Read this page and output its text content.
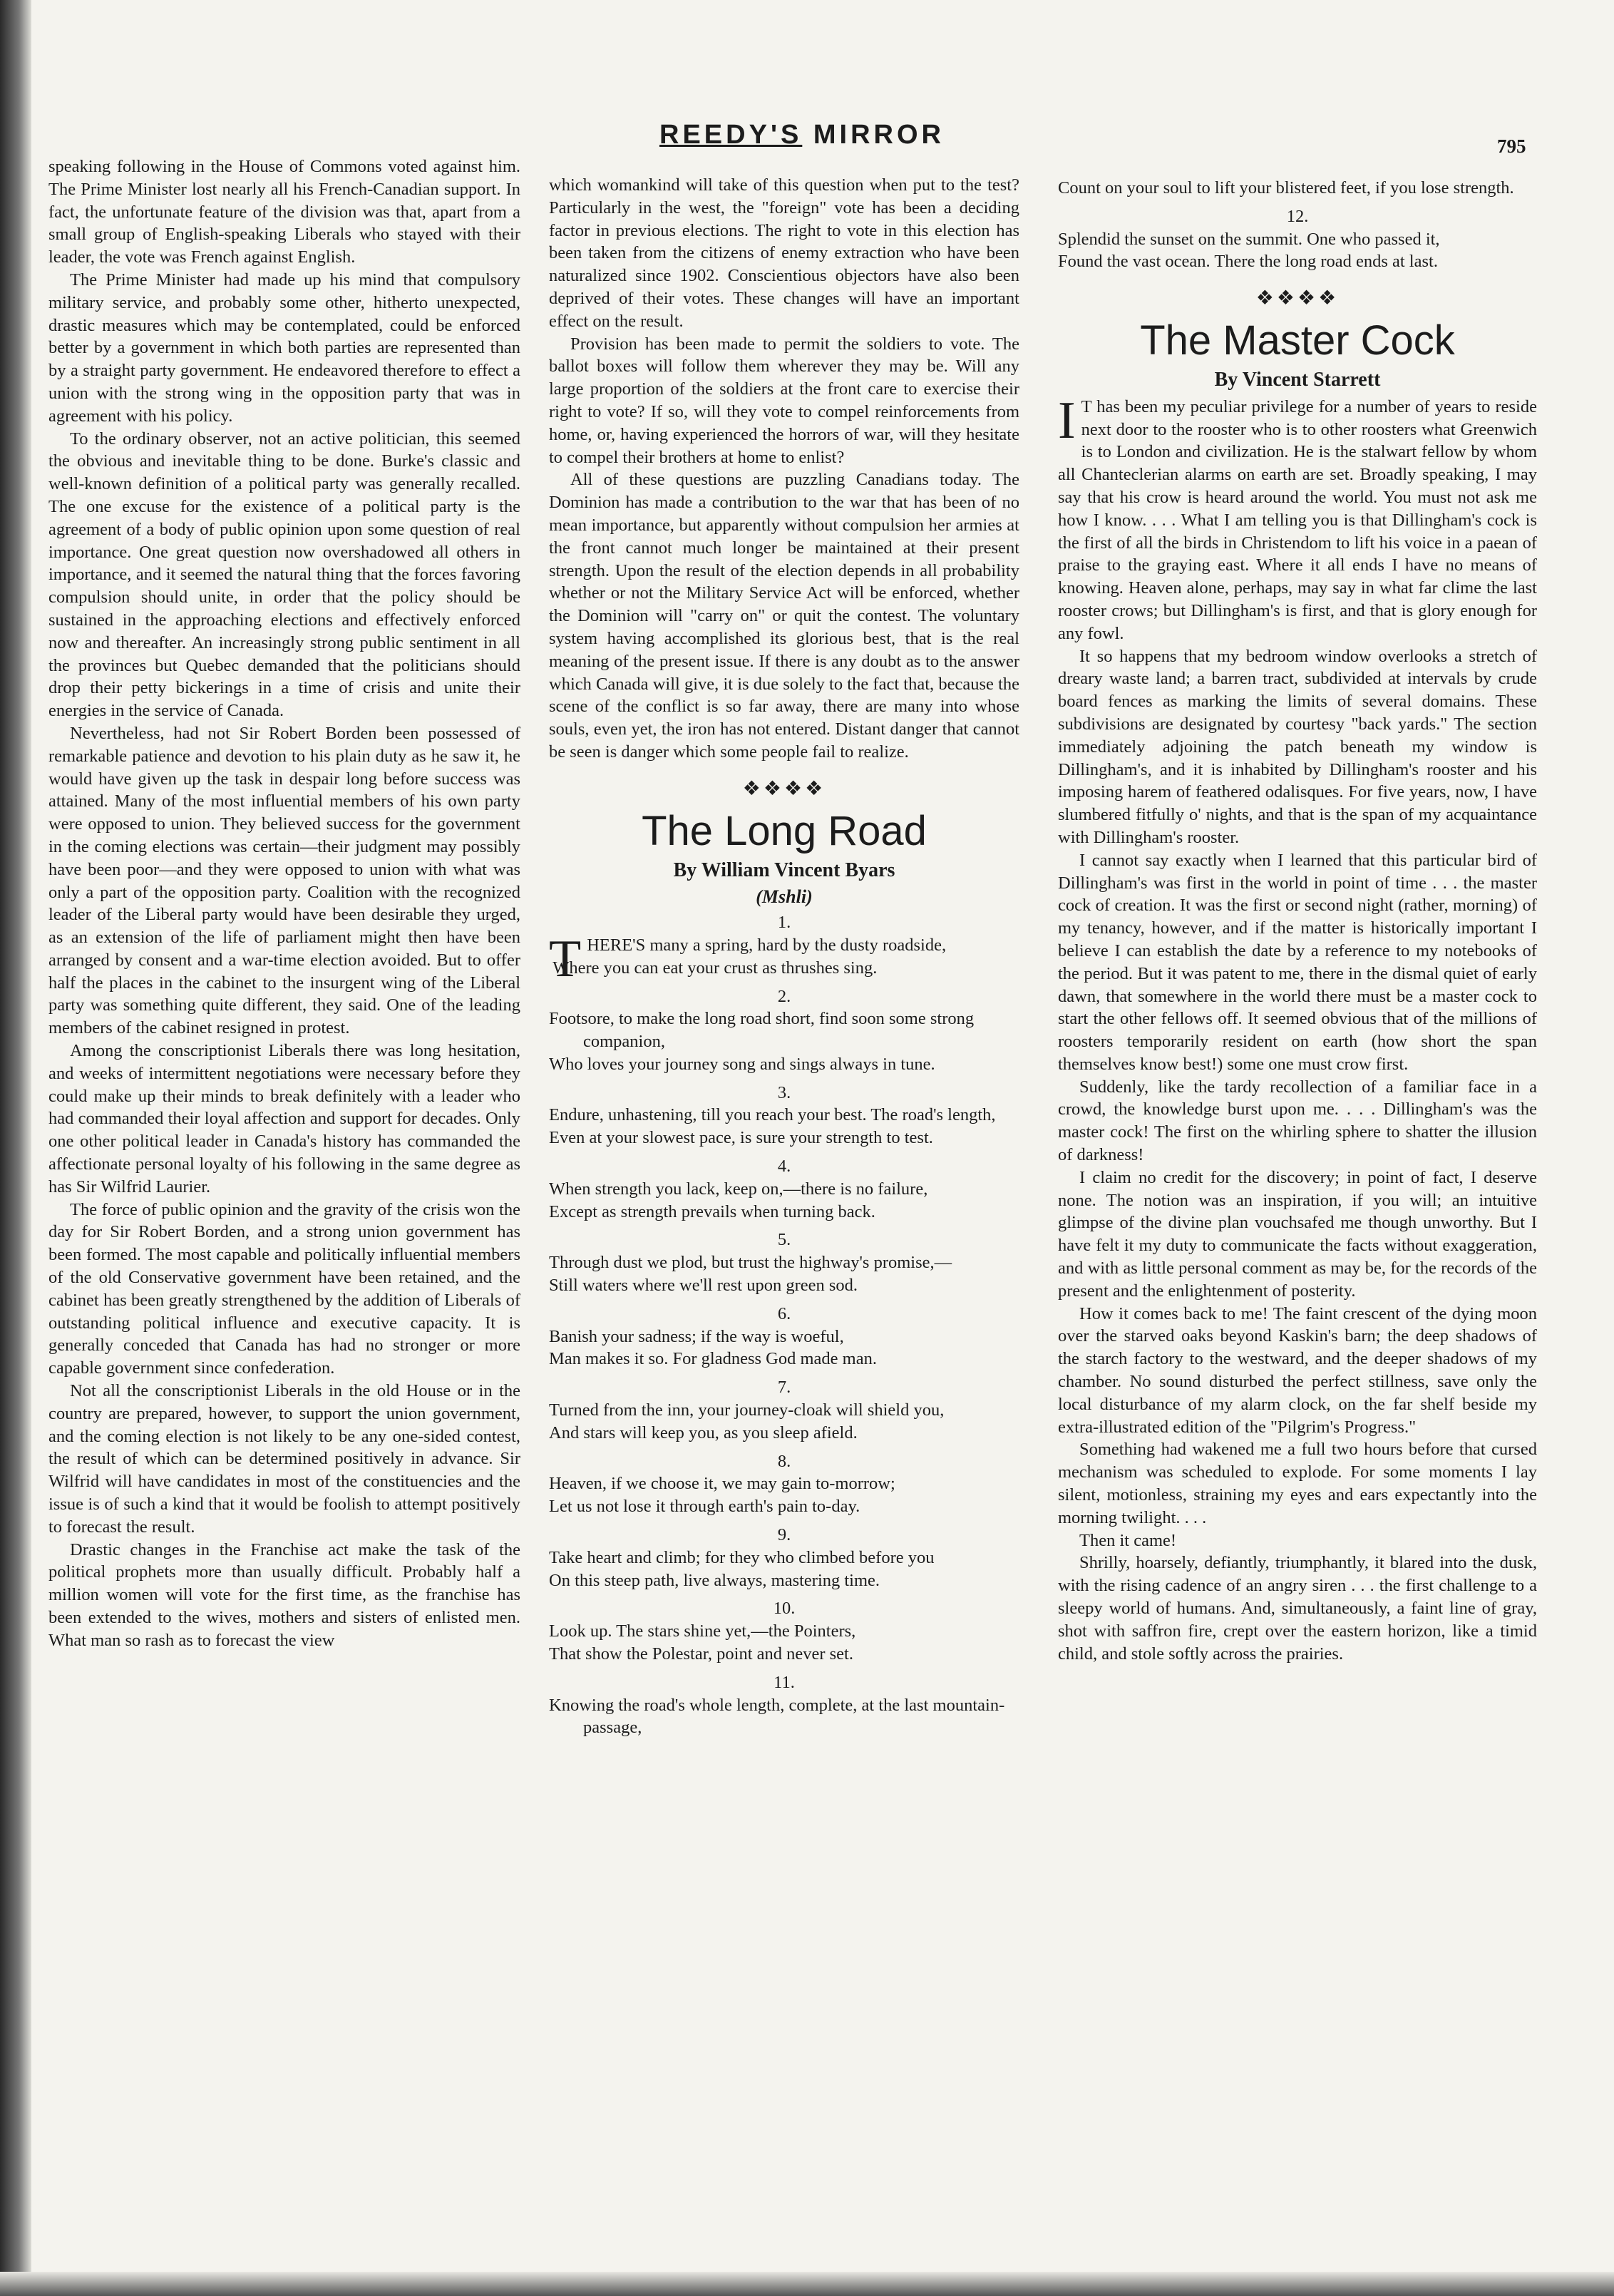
REEDY'S MIRROR	795

speaking following in the House of Commons voted against him. The Prime Minister lost nearly all his French-Canadian support. In fact, the unfortunate feature of the division was that, apart from a small group of English-speaking Liberals who stayed with their leader, the vote was French against English.

The Prime Minister had made up his mind that compulsory military service, and probably some other, hitherto unexpected, drastic measures which may be contemplated, could be enforced better by a government in which both parties are represented than by a straight party government. He endeavored therefore to effect a union with the strong wing in the opposition party that was in agreement with his policy.

To the ordinary observer, not an active politician, this seemed the obvious and inevitable thing to be done. Burke's classic and well-known definition of a political party was generally recalled. The one excuse for the existence of a political party is the agreement of a body of public opinion upon some question of real importance. One great question now overshadowed all others in importance, and it seemed the natural thing that the forces favoring compulsion should unite, in order that the policy should be sustained in the approaching elections and effectively enforced now and thereafter. An increasingly strong public sentiment in all the provinces but Quebec demanded that the politicians should drop their petty bickerings in a time of crisis and unite their energies in the service of Canada.

Nevertheless, had not Sir Robert Borden been possessed of remarkable patience and devotion to his plain duty as he saw it, he would have given up the task in despair long before success was attained. Many of the most influential members of his own party were opposed to union. They believed success for the government in the coming elections was certain—their judgment may possibly have been poor—and they were opposed to union with what was only a part of the opposition party. Coalition with the recognized leader of the Liberal party would have been desirable they urged, as an extension of the life of parliament might then have been arranged by consent and a war-time election avoided. But to offer half the places in the cabinet to the insurgent wing of the Liberal party was something quite different, they said. One of the leading members of the cabinet resigned in protest.

Among the conscriptionist Liberals there was long hesitation, and weeks of intermittent negotiations were necessary before they could make up their minds to break definitely with a leader who had commanded their loyal affection and support for decades. Only one other political leader in Canada's history has commanded the affectionate personal loyalty of his following in the same degree as has Sir Wilfrid Laurier.

The force of public opinion and the gravity of the crisis won the day for Sir Robert Borden, and a strong union government has been formed. The most capable and politically influential members of the old Conservative government have been retained, and the cabinet has been greatly strengthened by the addition of Liberals of outstanding political influence and executive capacity. It is generally conceded that Canada has had no stronger or more capable government since confederation.

Not all the conscriptionist Liberals in the old House or in the country are prepared, however, to support the union government, and the coming election is not likely to be any one-sided contest, the result of which can be determined positively in advance. Sir Wilfrid will have candidates in most of the constituencies and the issue is of such a kind that it would be foolish to attempt positively to forecast the result.

Drastic changes in the Franchise act make the task of the political prophets more than usually difficult. Probably half a million women will vote for the first time, as the franchise has been extended to the wives, mothers and sisters of enlisted men. What man so rash as to forecast the view

which womankind will take of this question when put to the test? Particularly in the west, the "foreign" vote has been a deciding factor in previous elections. The right to vote in this election has been taken from the citizens of enemy extraction who have been naturalized since 1902. Conscientious objectors have also been deprived of their votes. These changes will have an important effect on the result.

Provision has been made to permit the soldiers to vote. The ballot boxes will follow them wherever they may be. Will any large proportion of the soldiers at the front care to exercise their right to vote? If so, will they vote to compel reinforcements from home, or, having experienced the horrors of war, will they hesitate to compel their brothers at home to enlist?

All of these questions are puzzling Canadians today. The Dominion has made a contribution to the war that has been of no mean importance, but apparently without compulsion her armies at the front cannot much longer be maintained at their present strength. Upon the result of the election depends in all probability whether or not the Military Service Act will be enforced, whether the Dominion will "carry on" or quit the contest. The voluntary system having accomplished its glorious best, that is the real meaning of the present issue. If there is any doubt as to the answer which Canada will give, it is due solely to the fact that, because the scene of the conflict is so far away, there are many into whose souls, even yet, the iron has not entered. Distant danger that cannot be seen is danger which some people fail to realize.

❖❖❖❖
The Long Road
By William Vincent Byars
(Mshli)
1.
THERE'S many a spring, hard by the dusty roadside,
Where you can eat your crust as thrushes sing.
2.
Footsore, to make the long road short, find soon some strong companion,
Who loves your journey song and sings always in tune.
3.
Endure, unhastening, till you reach your best. The road's length,
Even at your slowest pace, is sure your strength to test.
4.
When strength you lack, keep on,—there is no failure,
Except as strength prevails when turning back.
5.
Through dust we plod, but trust the highway's promise,—
Still waters where we'll rest upon green sod.
6.
Banish your sadness; if the way is woeful,
Man makes it so. For gladness God made man.
7.
Turned from the inn, your journey-cloak will shield you,
And stars will keep you, as you sleep afield.
8.
Heaven, if we choose it, we may gain to-morrow;
Let us not lose it through earth's pain to-day.
9.
Take heart and climb; for they who climbed before you
On this steep path, live always, mastering time.
10.
Look up. The stars shine yet,—the Pointers,
That show the Polestar, point and never set.
11.
Knowing the road's whole length, complete, at the last mountain-passage,
Count on your soul to lift your blistered feet, if you lose strength.
12.
Splendid the sunset on the summit. One who passed it,
Found the vast ocean. There the long road ends at last.
❖❖❖❖
The Master Cock
By Vincent Starrett

I T has been my peculiar privilege for a number of years to reside next door to the rooster who is to other roosters what Greenwich is to London and civilization. He is the stalwart fellow by whom all Chanteclerian alarms on earth are set. Broadly speaking, I may say that his crow is heard around the world. You must not ask me how I know. . . . What I am telling you is that Dillingham's cock is the first of all the birds in Christendom to lift his voice in a paean of praise to the graying east. Where it all ends I have no means of knowing. Heaven alone, perhaps, may say in what far clime the last rooster crows; but Dillingham's is first, and that is glory enough for any fowl.

It so happens that my bedroom window overlooks a stretch of dreary waste land; a barren tract, subdivided at intervals by crude board fences as marking the limits of several domains. These subdivisions are designated by courtesy "back yards." The section immediately adjoining the patch beneath my window is Dillingham's, and it is inhabited by Dillingham's rooster and his imposing harem of feathered odalisques. For five years, now, I have slumbered fitfully o' nights, and that is the span of my acquaintance with Dillingham's rooster.

I cannot say exactly when I learned that this particular bird of Dillingham's was first in the world in point of time . . . the master cock of creation. It was the first or second night (rather, morning) of my tenancy, however, and if the matter is historically important I believe I can establish the date by a reference to my notebooks of the period. But it was patent to me, there in the dismal quiet of early dawn, that somewhere in the world there must be a master cock to start the other fellows off. It seemed obvious that of the millions of roosters temporarily resident on earth (how short the span themselves know best!) some one must crow first.

Suddenly, like the tardy recollection of a familiar face in a crowd, the knowledge burst upon me. . . . Dillingham's was the master cock! The first on the whirling sphere to shatter the illusion of darkness!

I claim no credit for the discovery; in point of fact, I deserve none. The notion was an inspiration, if you will; an intuitive glimpse of the divine plan vouchsafed me though unworthy. But I have felt it my duty to communicate the facts without exaggeration, and with as little personal comment as may be, for the records of the present and the enlightenment of posterity.

How it comes back to me! The faint crescent of the dying moon over the starved oaks beyond Kaskin's barn; the deep shadows of the starch factory to the westward, and the deeper shadows of my chamber. No sound disturbed the perfect stillness, save only the local disturbance of my alarm clock, on the far shelf beside my extra-illustrated edition of the "Pilgrim's Progress."

Something had wakened me a full two hours before that cursed mechanism was scheduled to explode. For some moments I lay silent, motionless, straining my eyes and ears expectantly into the morning twilight. . . .

Then it came!

Shrilly, hoarsely, defiantly, triumphantly, it blared into the dusk, with the rising cadence of an angry siren . . . the first challenge to a sleepy world of humans. And, simultaneously, a faint line of gray, shot with saffron fire, crept over the eastern horizon, like a timid child, and stole softly across the prairies.
